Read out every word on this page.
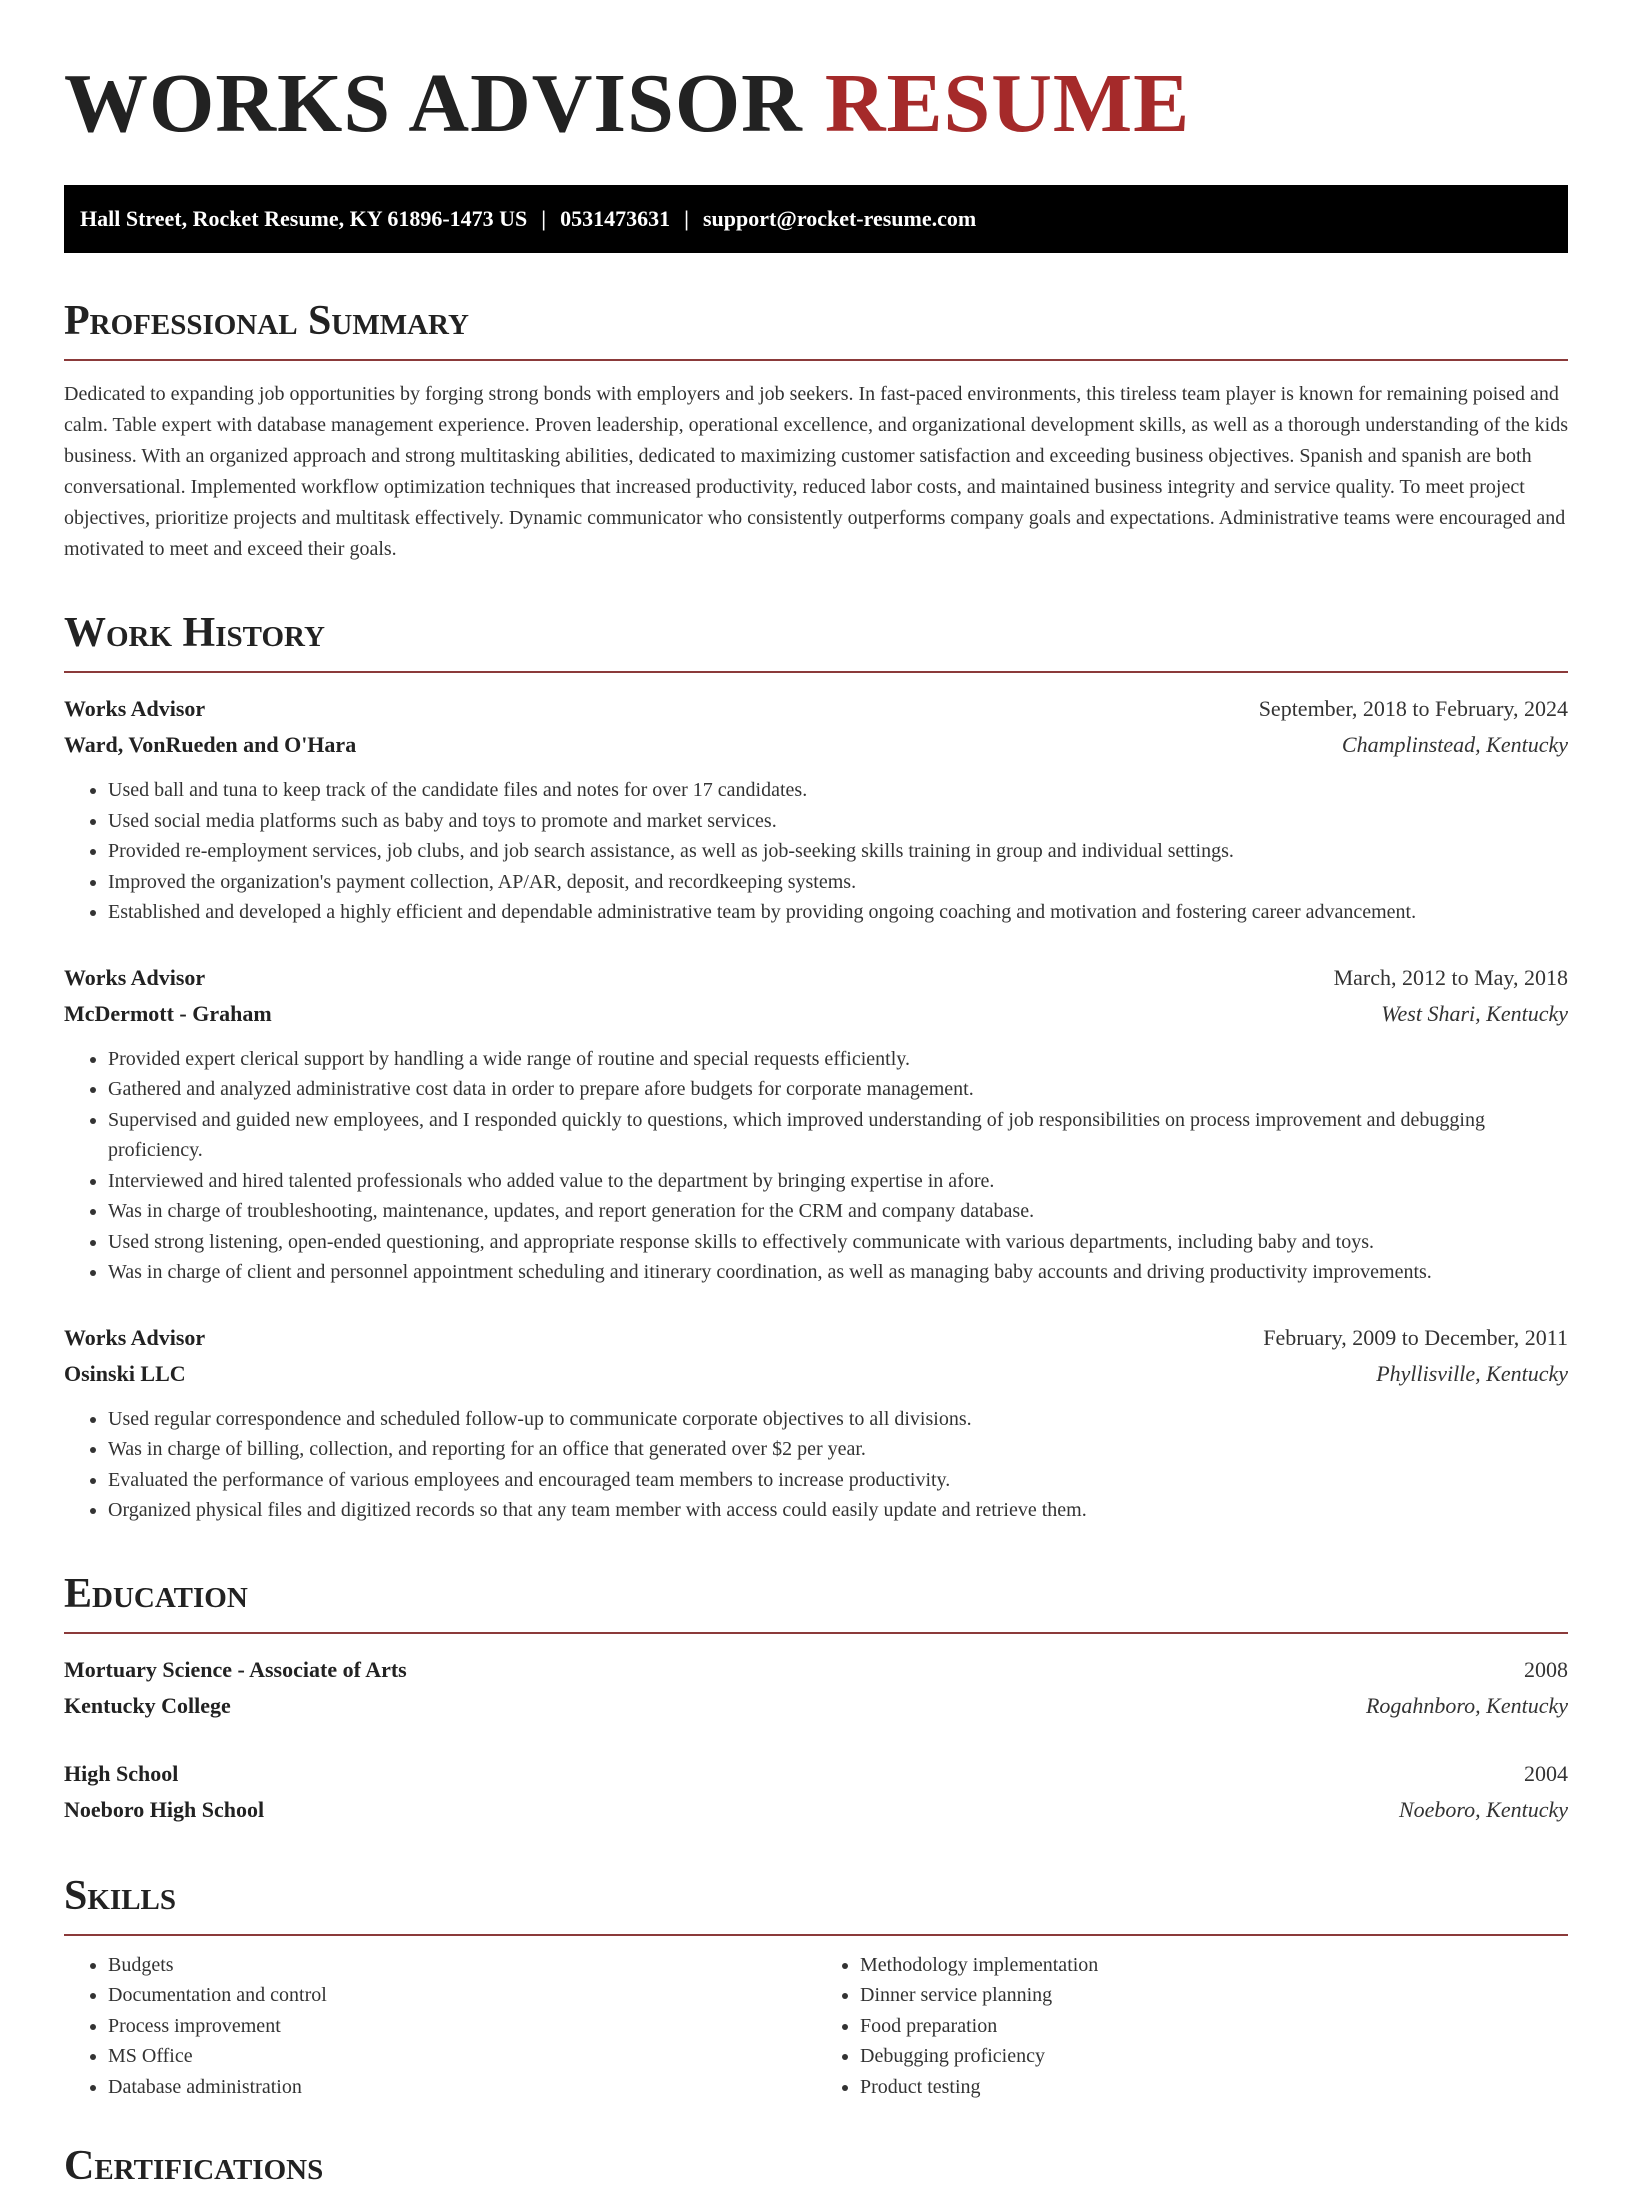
WORKS ADVISOR RESUME
Hall Street, Rocket Resume, KY 61896-1473 US | 0531473631 | support@rocket-resume.com
Professional Summary

Dedicated to expanding job opportunities by forging strong bonds with employers and job seekers. In fast-paced environments, this tireless team player is known for remaining poised and calm. Table expert with database management experience. Proven leadership, operational excellence, and organizational development skills, as well as a thorough understanding of the kids business. With an organized approach and strong multitasking abilities, dedicated to maximizing customer satisfaction and exceeding business objectives. Spanish and spanish are both conversational. Implemented workflow optimization techniques that increased productivity, reduced labor costs, and maintained business integrity and service quality. To meet project objectives, prioritize projects and multitask effectively. Dynamic communicator who consistently outperforms company goals and expectations. Administrative teams were encouraged and motivated to meet and exceed their goals.

Work History
Works Advisor	September, 2018 to February, 2024
Ward, VonRueden and O'Hara	Champlinstead, Kentucky
• Used ball and tuna to keep track of the candidate files and notes for over 17 candidates.
• Used social media platforms such as baby and toys to promote and market services.
• Provided re-employment services, job clubs, and job search assistance, as well as job-seeking skills training in group and individual settings.
• Improved the organization's payment collection, AP/AR, deposit, and recordkeeping systems.
• Established and developed a highly efficient and dependable administrative team by providing ongoing coaching and motivation and fostering career advancement.
Works Advisor	March, 2012 to May, 2018
McDermott - Graham	West Shari, Kentucky
• Provided expert clerical support by handling a wide range of routine and special requests efficiently.
• Gathered and analyzed administrative cost data in order to prepare afore budgets for corporate management.
• Supervised and guided new employees, and I responded quickly to questions, which improved understanding of job responsibilities on process improvement and debugging proficiency.
• Interviewed and hired talented professionals who added value to the department by bringing expertise in afore.
• Was in charge of troubleshooting, maintenance, updates, and report generation for the CRM and company database.
• Used strong listening, open-ended questioning, and appropriate response skills to effectively communicate with various departments, including baby and toys.
• Was in charge of client and personnel appointment scheduling and itinerary coordination, as well as managing baby accounts and driving productivity improvements.
Works Advisor	February, 2009 to December, 2011
Osinski LLC	Phyllisville, Kentucky
• Used regular correspondence and scheduled follow-up to communicate corporate objectives to all divisions.
• Was in charge of billing, collection, and reporting for an office that generated over $2 per year.
• Evaluated the performance of various employees and encouraged team members to increase productivity.
• Organized physical files and digitized records so that any team member with access could easily update and retrieve them.
Education
Mortuary Science - Associate of Arts	2008
Kentucky College	Rogahnboro, Kentucky
High School	2004
Noeboro High School	Noeboro, Kentucky
Skills
• Budgets
• Documentation and control
• Process improvement
• MS Office
• Database administration
• Methodology implementation
• Dinner service planning
• Food preparation
• Debugging proficiency
• Product testing
Certifications
